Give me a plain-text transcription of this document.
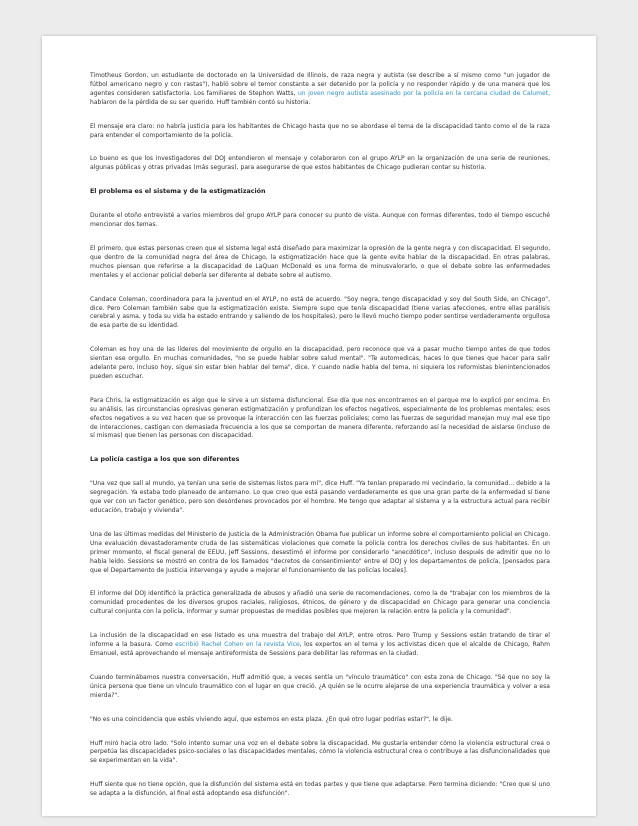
Timotheus Gordon, un estudiante de doctorado en la Universidad de Illinois, de raza negra y autista (se describe a sí mismo como "un jugador de fútbol americano negro y con rastas"), habló sobre el temor constante a ser detenido por la policía y no responder rápido y de una manera que los agentes consideren satisfactoria. Los familiares de Stephon Watts, un joven negro autista asesinado por la policía en la cercana ciudad de Calumet, hablaron de la pérdida de su ser querido. Huff también contó su historia.

El mensaje era claro: no habría justicia para los habitantes de Chicago hasta que no se abordase el tema de la discapacidad tanto como el de la raza para entender el comportamiento de la policía.

Lo bueno es que los investigadores del DOJ entendieron el mensaje y colaboraron con el grupo AYLP en la organización de una serie de reuniones, algunas públicas y otras privadas (más seguras), para asegurarse de que estos habitantes de Chicago pudieran contar su historia.

El problema es el sistema y de la estigmatización

Durante el otoño entrevisté a varios miembros del grupo AYLP para conocer su punto de vista. Aunque con formas diferentes, todo el tiempo escuché mencionar dos temas.

El primero, que estas personas creen que el sistema legal está diseñado para maximizar la opresión de la gente negra y con discapacidad. El segundo, que dentro de la comunidad negra del área de Chicago, la estigmatización hace que la gente evite hablar de la discapacidad. En otras palabras, muchos piensan que referirse a la discapacidad de LaQuan McDonald es una forma de minusvalorarlo, o que el debate sobre las enfermedades mentales y el accionar policial debería ser diferente al debate sobre el autismo.

Candace Coleman, coordinadora para la juventud en el AYLP, no está de acuerdo. "Soy negra, tengo discapacidad y soy del South Side, en Chicago", dice. Pero Coleman también sabe que la estigmatización existe. Siempre supo que tenía discapacidad (tiene varias afecciones, entre ellas parálisis cerebral y asma, y toda su vida ha estado entrando y saliendo de los hospitales), pero le llevó mucho tiempo poder sentirse verdaderamente orgullosa de esa parte de su identidad.

Coleman es hoy una de las líderes del movimiento de orgullo en la discapacidad, pero reconoce que va a pasar mucho tiempo antes de que todos sientan ese orgullo. En muchas comunidades, "no se puede hablar sobre salud mental". "Te automedicas, haces lo que tienes que hacer para salir adelante pero, incluso hoy, sigue sin estar bien hablar del tema", dice. Y cuando nadie habla del tema, ni siquiera los reformistas bienintencionados pueden escuchar.

Para Chris, la estigmatización es algo que le sirve a un sistema disfuncional. Ese día que nos encontramos en el parque me lo explicó por encima. En su análisis, las circunstancias opresivas generan estigmatización y profundizan los efectos negativos, especialmente de los problemas mentales; esos efectos negativos a su vez hacen que se provoque la interacción con las fuerzas policiales; como las fuerzas de seguridad manejan muy mal ese tipo de interacciones, castigan con demasiada frecuencia a los que se comportan de manera diferente, reforzando así la necesidad de aislarse (incluso de sí mismas) que tienen las personas con discapacidad.

La policía castiga a los que son diferentes

"Una vez que salí al mundo, ya tenían una serie de sistemas listos para mí", dice Huff. "Ya tenían preparado mi vecindario, la comunidad... debido a la segregación. Ya estaba todo planeado de antemano. Lo que creo que está pasando verdaderamente es que una gran parte de la enfermedad sí tiene que ver con un factor genético, pero son desórdenes provocados por el hombre. Me tengo que adaptar al sistema y a la estructura actual para recibir educación, trabajo y vivienda".

Una de las últimas medidas del Ministerio de Justicia de la Administración Obama fue publicar un informe sobre el comportamiento policial en Chicago. Una evaluación devastadoramente cruda de las sistemáticas violaciones que comete la policía contra los derechos civiles de sus habitantes. En un primer momento, el fiscal general de EEUU, Jeff Sessions, desestimó el informe por considerarlo "anecdótico", incluso después de admitir que no lo había leído. Sessions se mostró en contra de los llamados "decretos de consentimiento" entre el DOJ y los departamentos de policía, [pensados para que el Departamento de Justicia intervenga y ayude a mejorar el funcionamiento de las policías locales].

El informe del DOJ identificó la práctica generalizada de abusos y añadió una serie de recomendaciones, como la de "trabajar con los miembros de la comunidad procedentes de los diversos grupos raciales, religiosos, étnicos, de género y de discapacidad en Chicago para generar una conciencia cultural conjunta con la policía, informar y sumar propuestas de medidas posibles que mejoren la relación entre la policía y la comunidad".

La inclusión de la discapacidad en ese listado es una muestra del trabajo del AYLP, entre otros. Pero Trump y Sessions están tratando de tirar el informe a la basura. Como escribió Rachel Cohen en la revista Vice, los expertos en el tema y los activistas dicen que el alcalde de Chicago, Rahm Emanuel, está aprovechando el mensaje antireformista de Sessions para debilitar las reformas en la ciudad.

Cuando terminábamos nuestra conversación, Huff admitió que, a veces sentía un "vínculo traumático" con esta zona de Chicago. "Sé que no soy la única persona que tiene un vínculo traumático con el lugar en que creció. ¿A quién se le ocurre alejarse de una experiencia traumática y volver a esa mierda?".

"No es una coincidencia que estés viviendo aquí, que estemos en esta plaza. ¿En qué otro lugar podrías estar?", le dije.

Huff miró hacia otro lado. "Solo intento sumar una voz en el debate sobre la discapacidad. Me gustaría entender cómo la violencia estructural crea o perpetúa las discapacidades psico-sociales o las discapacidades mentales, cómo la violencia estructural crea o contribuye a las disfuncionalidades que se experimentan en la vida".

Huff siente que no tiene opción, que la disfunción del sistema está en todas partes y que tiene que adaptarse. Pero termina diciendo: "Creo que si uno se adapta a la disfunción, al final está adoptando esa disfunción".
